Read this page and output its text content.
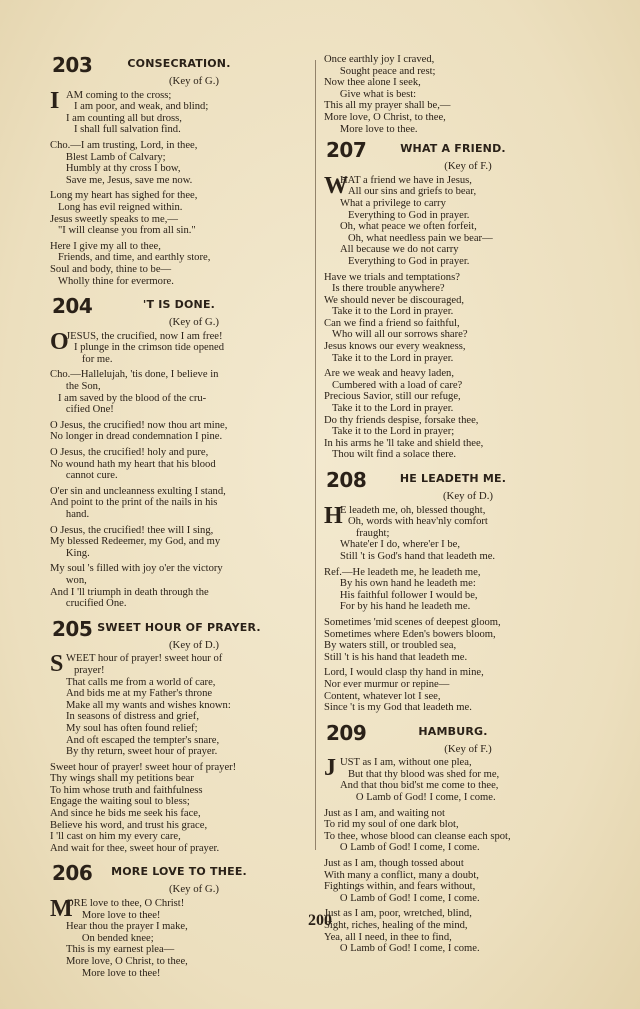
203	CONSECRATION.
(Key of G.)
I AM coming to the cross;
I am poor, and weak, and blind;
I am counting all but dross,
I shall full salvation find.
Cho.—I am trusting, Lord, in thee,
Blest Lamb of Calvary;
Humbly at thy cross I bow,
Save me, Jesus, save me now.
Long my heart has sighed for thee,
Long has evil reigned within.
Jesus sweetly speaks to me,—
"I will cleanse you from all sin."
Here I give my all to thee,
Friends, and time, and earthly store,
Soul and body, thine to be—
Wholly thine for evermore.
204	'T IS DONE.
(Key of G.)
O
JESUS, the crucified, now I am free!
I plunge in the crimson tide opened
for me.
Cho.—Hallelujah, 'tis done, I believe in
the Son,
I am saved by the blood of the cru-
cified One!
O Jesus, the crucified! now thou art mine,
No longer in dread condemnation I pine.
O Jesus, the crucified! holy and pure,
No wound hath my heart that his blood
cannot cure.
O'er sin and uncleanness exulting I stand,
And point to the print of the nails in his
hand.
O Jesus, the crucified! thee will I sing,
My blessed Redeemer, my God, and my
King.
My soul 's filled with joy o'er the victory
won,
And I 'll triumph in death through the
crucified One.
205 SWEET HOUR OF PRAYER.
(Key of D.)
S WEET hour of prayer! sweet hour of
prayer!
That calls me from a world of care,
And bids me at my Father's throne
Make all my wants and wishes known:
In seasons of distress and grief,
My soul has often found relief;
And oft escaped the tempter's snare,
By thy return, sweet hour of prayer.
Sweet hour of prayer! sweet hour of prayer!
Thy wings shall my petitions bear
To him whose truth and faithfulness
Engage the waiting soul to bless;
And since he bids me seek his face,
Believe his word, and trust his grace,
I 'll cast on him my every care,
And wait for thee, sweet hour of prayer.
206	MORE LOVE TO THEE.
(Key of G.)
M
ORE love to thee, O Christ!
More love to thee!
Hear thou the prayer I make,
On bended knee;
This is my earnest plea—
More love, O Christ, to thee,
More love to thee!
Once earthly joy I craved,
Sought peace and rest;
Now thee alone I seek,
Give what is best:
This all my prayer shall be,—
More love, O Christ, to thee,
More love to thee.
207	WHAT A FRIEND.
(Key of F.)
W
HAT a friend we have in Jesus,
All our sins and griefs to bear,
What a privilege to carry
Everything to God in prayer.
Oh, what peace we often forfeit,
Oh, what needless pain we bear—
All because we do not carry
Everything to God in prayer.
Have we trials and temptations?
Is there trouble anywhere?
We should never be discouraged,
Take it to the Lord in prayer.
Can we find a friend so faithful,
Who will all our sorrows share?
Jesus knows our every weakness,
Take it to the Lord in prayer.
Are we weak and heavy laden,
Cumbered with a load of care?
Precious Savior, still our refuge,
Take it to the Lord in prayer.
Do thy friends despise, forsake thee,
Take it to the Lord in prayer;
In his arms he 'll take and shield thee,
Thou wilt find a solace there.
208	HE LEADETH ME.
(Key of D.)
H
E leadeth me, oh, blessed thought,
Oh, words with heav'nly comfort
fraught;
Whate'er I do, where'er I be,
Still 't is God's hand that leadeth me.
Ref.—He leadeth me, he leadeth me,
By his own hand he leadeth me:
His faithful follower I would be,
For by his hand he leadeth me.
Sometimes 'mid scenes of deepest gloom,
Sometimes where Eden's bowers bloom,
By waters still, or troubled sea,
Still 't is his hand that leadeth me.
Lord, I would clasp thy hand in mine,
Nor ever murmur or repine—
Content, whatever lot I see,
Since 't is my God that leadeth me.
209	HAMBURG.
(Key of F.)
J UST as I am, without one plea,
But that thy blood was shed for me,
And that thou bid'st me come to thee,
O Lamb of God! I come, I come.
Just as I am, and waiting not
To rid my soul of one dark blot,
To thee, whose blood can cleanse each spot,
O Lamb of God! I come, I come.
Just as I am, though tossed about
With many a conflict, many a doubt,
Fightings within, and fears without,
O Lamb of God! I come, I come.
Just as I am, poor, wretched, blind,
Sight, riches, healing of the mind,
Yea, all I need, in thee to find,
O Lamb of God! I come, I come.
200
